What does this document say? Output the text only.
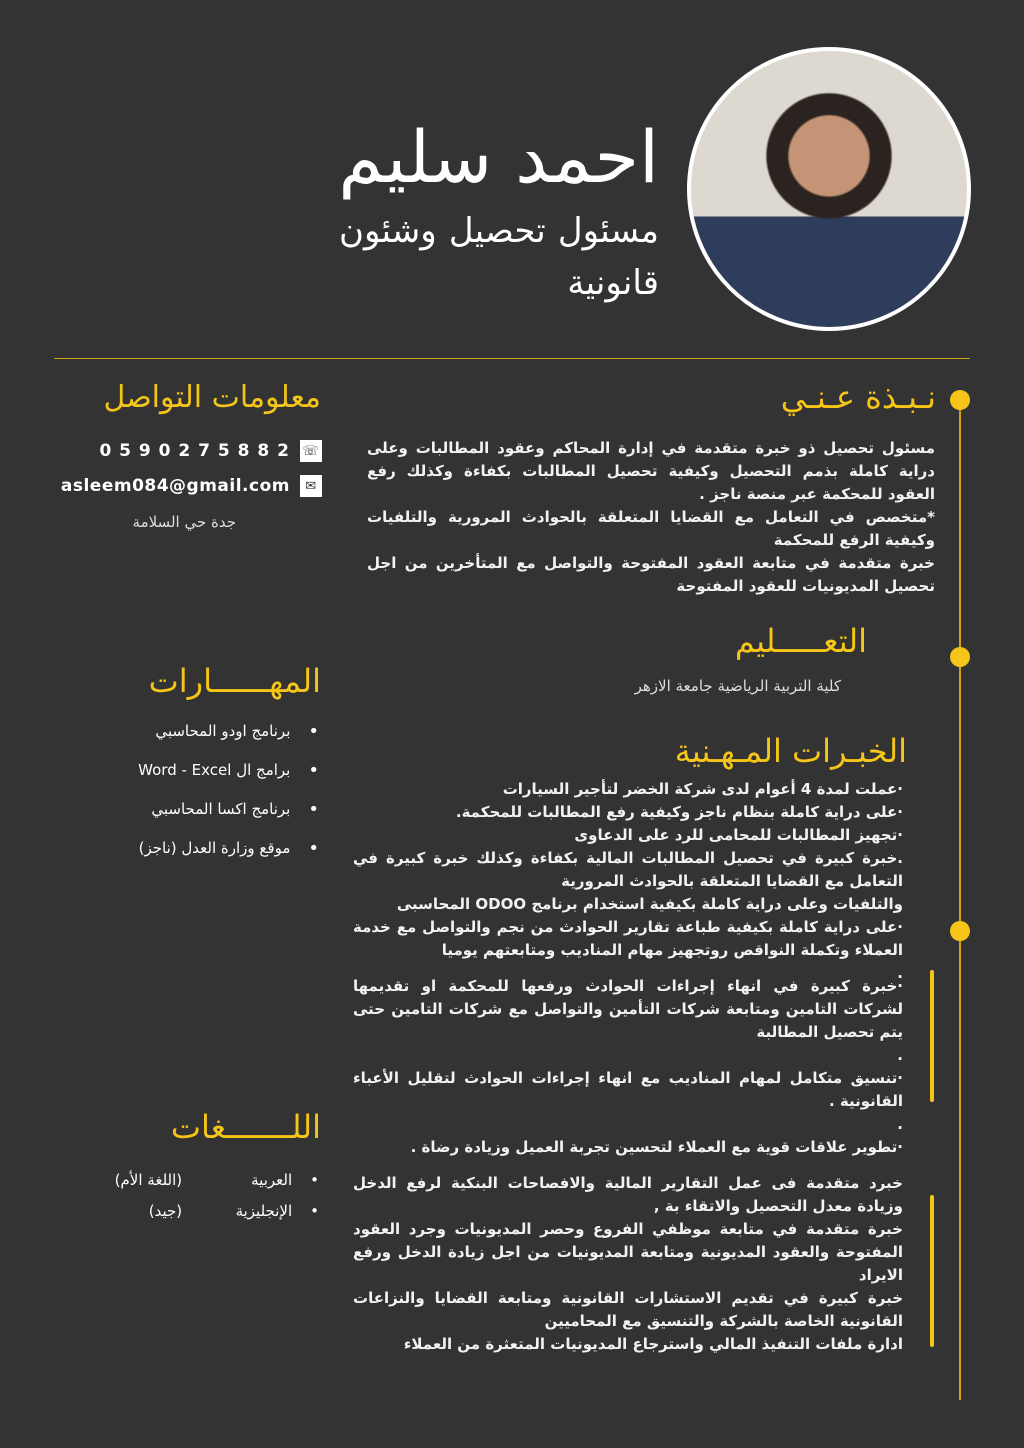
احمد سليم
مسئول تحصيل وشئون قانونية
نـبـذة عـنـي

مسئول تحصيل ذو خبرة متقدمة في إدارة المحاكم وعقود المطالبات وعلى دراية كاملة بذمم التحصيل وكيفية تحصيل المطالبات بكفاءة وكذلك رفع العقود للمحكمة عبر منصة ناجز .

*متخصص في التعامل مع القضايا المتعلقة بالحوادث المرورية والتلفيات وكيفية الرفع للمحكمة

خبرة متقدمة في متابعة العقود المفتوحة والتواصل مع المتأخرين من اجل تحصيل المديونيات للعقود المفتوحة

التعـــــليم
كلية التربية الرياضية جامعة الازهر
الخبـرات المـهـنية

·عملت لمدة 4 أعوام لدى شركة الخضر لتأجير السيارات

·على دراية كاملة بنظام ناجز وكيفية رفع المطالبات للمحكمة.

·تجهيز المطالبات للمحامى للرد على الدعاوى

.خبرة كبيرة في تحصيل المطالبات المالية بكفاءة وكذلك خبرة كبيرة في التعامل مع القضايا المتعلقة بالحوادث المرورية

والتلفيات وعلى دراية كاملة بكيفية استخدام برنامج ODOO المحاسبى

·على دراية كاملة بكيفية طباعة تقارير الحوادث من نجم والتواصل مع خدمة العملاء وتكملة النواقص روتجهيز مهام المناديب ومتابعتهم يوميا

.

·خبرة كبيرة في انهاء إجراءات الحوادث ورفعها للمحكمة او تقديمها لشركات التامين ومتابعة شركات التأمين والتواصل مع شركات التامين حتى يتم تحصيل المطالبة

.

·تنسيق متكامل لمهام المناديب مع انهاء إجراءات الحوادث لتقليل الأعباء القانونية .

.

·تطوير علاقات قوية مع العملاء لتحسين تجربة العميل وزيادة رضاة .

خبرد متقدمة فى عمل التقارير المالية والافصاحات البنكية لرفع الدخل وزيادة معدل التحصيل والاتقاء بة ,

خبرة متقدمة في متابعة موظفي الفروع وحصر المديونيات وجرد العقود المفتوحة والعقود المديونية ومتابعة المديونيات من اجل زيادة الدخل ورفع الايراد

خبرة كبيرة في تقديم الاستشارات القانونية ومتابعة القضايا والنزاعات القانونية الخاصة بالشركة والتنسيق مع المحاميين

ادارة ملفات التنفيذ المالي واسترجاع المديونيات المتعثرة من العملاء

معلومات التواصل
0 5 9 0 2 7 5 8 8 2 ☏
asleem084@gmail.com	✉
جدة حي السلامة
المهــــــارات
• برنامج اودو المحاسبي
• برامج ال Word - Excel
• برنامج اكسا المحاسبي
• موقع وزارة العدل (ناجز)
اللـــــــغات
•
العربية
(اللغة الأم)
•
الإنجليزية
(جيد)
